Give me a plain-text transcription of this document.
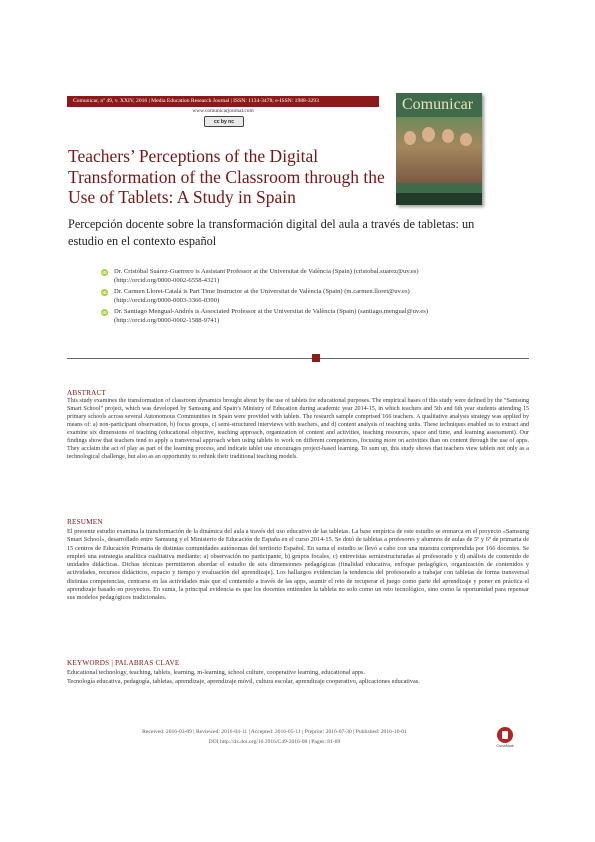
Comunicar, nº 49, v. XXIV, 2016 | Media Education Research Journal | ISSN: 1134-3478; e-ISSN: 1988-3293
www.comunicarjournal.com
cc by nc
Comunicar
Teachers’ Perceptions of the Digital Transformation of the Classroom through the Use of Tablets: A Study in Spain
Percepción docente sobre la transformación digital del aula a través de tabletas: un estudio en el contexto español
iD Dr. Cristóbal Suárez-Guerrero is Assistant Professor at the Universitat de València (Spain) (cristobal.suarez@uv.es) (http://orcid.org/0000-0002-6558-4321)
iD Dr. Carmen Lloret-Catalá is Part Time Instructor at the Universitat de València (Spain) (m.carmen.lloret@uv.es) (http://orcid.org/0000-0003-3366-0390)
iD Dr. Santiago Mengual-Andrés is Associated Professor at the Universitat de València (Spain) (santiago.mengual@uv.es) (http://orcid.org/0000-0002-1588-9741)
ABSTRACT
This study examines the transformation of classroom dynamics brought about by the use of tablets for educational purposes. The empirical bases of this study were defined by the “Samsung Smart School” project, which was developed by Samsung and Spain’s Ministry of Education during academic year 2014-15, in which teachers and 5th and 6th year students attending 15 primary schools across several Autonomous Communities in Spain were provided with tablets. The research sample comprised 166 teachers. A qualitative analysis strategy was applied by means of: a) non-participant observation, b) focus groups, c) semi-structured interviews with teachers, and d) content analysis of teaching units. These techniques enabled us to extract and examine six dimensions of teaching (educational objective, teaching approach, organization of content and activities, teaching resources, space and time, and learning assessment). Our findings show that teachers tend to apply a transversal approach when using tablets to work on different competences, focusing more on activities than on content through the use of apps. They acclaim the act of play as part of the learning process, and indicate tablet use encourages project-based learning. To sum up, this study shows that teachers view tablets not only as a technological challenge, but also as an opportunity to rethink their traditional teaching models.
RESUMEN
El presente estudio examina la transformación de la dinámica del aula a través del uso educativo de las tabletas. La base empírica de este estudio se enmarca en el proyecto «Samsung Smart School», desarrollado entre Samsung y el Ministerio de Educación de España en el curso 2014-15. Se dotó de tabletas a profesores y alumnos de aulas de 5º y 6º de primaria de 15 centros de Educación Primaria de distintas comunidades autónomas del territorio Español. En suma el estudio se llevó a cabo con una muestra comprendida por 166 docentes. Se empleó una estrategia analítica cualitativa mediante: a) observación no participante, b) grupos focales, c) entrevistas semiestructuradas al profesorado y d) análisis de contenido de unidades didácticas. Dichas técnicas permitieron abordar el estudio de seis dimensiones pedagógicas (finalidad educativa, enfoque pedagógico, organización de contenidos y actividades, recursos didácticos, espacio y tiempo y evaluación del aprendizaje). Los hallazgos evidencian la tendencia del profesorado a trabajar con tabletas de forma transversal distintas competencias, centrarse en las actividades más que el contenido a través de las apps, asumir el reto de recuperar el juego como parte del aprendizaje y poner en práctica el aprendizaje basado en proyectos. En suma, la principal evidencia es que los docentes entienden la tableta no solo como un reto tecnológico, sino como la oportunidad para repensar sus modelos pedagógicos tradicionales.
KEYWORDS | PALABRAS CLAVE
Educational technology, teaching, tablets, learning, m-learning, school culture, cooperative learning, educational apps.
Tecnología educativa, pedagogía, tabletas, aprendizaje, aprendizaje móvil, cultura escolar, aprendizaje cooperativo, aplicaciones educativas.
Received: 2016-03-09 | Reviewed: 2016-04-11 | Accepted: 2016-05-11 | Preprint: 2016-07-30 | Published: 2016-10-01
DOI http://dx.doi.org/10.3916/C49-2016-08 | Pages: 81-89
CrossMark
